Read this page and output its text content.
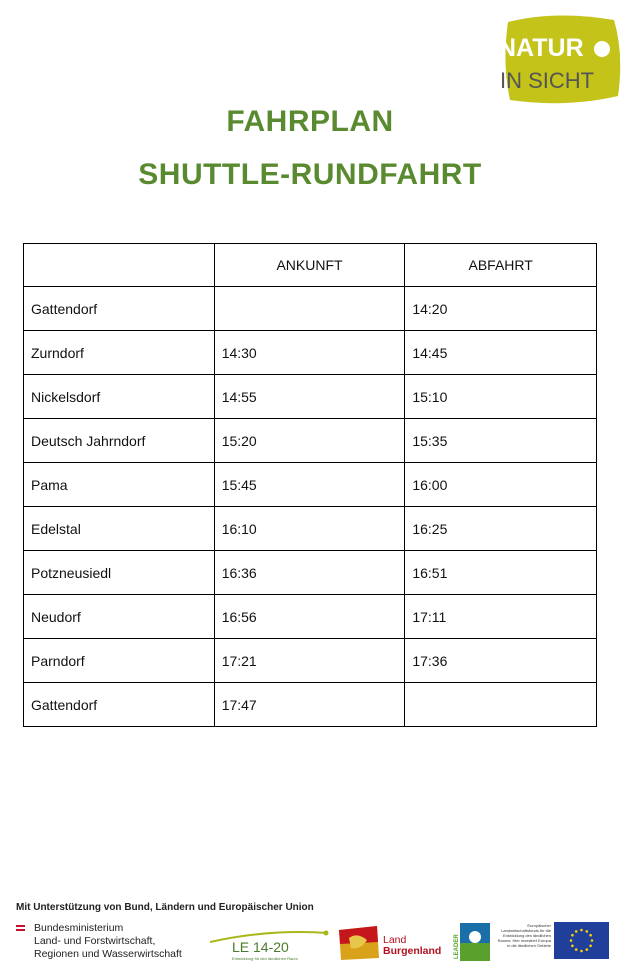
NATUR
IN SICHT
FAHRPLAN
SHUTTLE-RUNDFAHRT
	ANKUNFT	ABFAHRT
Gattendorf		14:20
Zurndorf	14:30	14:45
Nickelsdorf	14:55	15:10
Deutsch Jahrndorf	15:20	15:35
Pama	15:45	16:00
Edelstal	16:10	16:25
Potzneusiedl	16:36	16:51
Neudorf	16:56	17:11
Parndorf	17:21	17:36
Gattendorf	17:47	
Mit Unterstützung von Bund, Ländern und Europäischer Union
Bundesministerium
Land- und Forstwirtschaft,
Regionen und Wasserwirtschaft	LE 14-20
Entwicklung für den ländlichen Raum
Land
Burgenland LEADER
Europäischer Landwirtschaftsfonds für die Entwicklung des ländlichen Raums: Hier investiert Europa in die ländlichen Gebiete
